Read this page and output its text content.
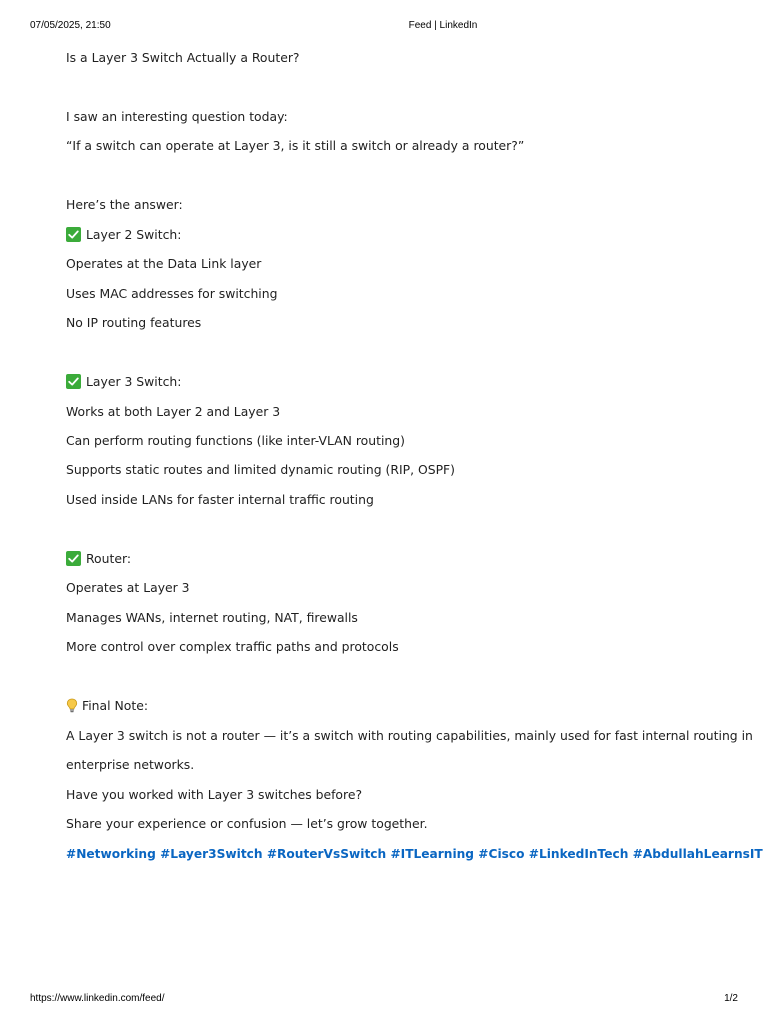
07/05/2025, 21:50	Feed | LinkedIn
Is a Layer 3 Switch Actually a Router?
I saw an interesting question today:
“If a switch can operate at Layer 3, is it still a switch or already a router?”
Here’s the answer:
Layer 2 Switch:
Operates at the Data Link layer
Uses MAC addresses for switching
No IP routing features
Layer 3 Switch:
Works at both Layer 2 and Layer 3
Can perform routing functions (like inter-VLAN routing)
Supports static routes and limited dynamic routing (RIP, OSPF)
Used inside LANs for faster internal traffic routing
Router:
Operates at Layer 3
Manages WANs, internet routing, NAT, firewalls
More control over complex traffic paths and protocols
Final Note:
A Layer 3 switch is not a router — it’s a switch with routing capabilities, mainly used for fast internal routing in
enterprise networks.
Have you worked with Layer 3 switches before?
Share your experience or confusion — let’s grow together.
#Networking #Layer3Switch #RouterVsSwitch #ITLearning #Cisco #LinkedInTech #AbdullahLearnsIT
https://www.linkedin.com/feed/	1/2
